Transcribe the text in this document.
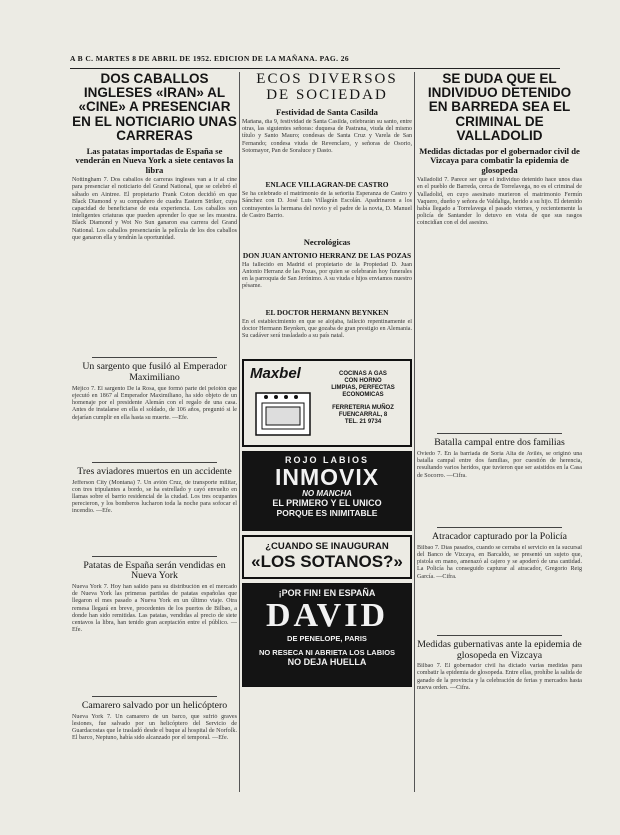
A B C. MARTES 8 DE ABRIL DE 1952. EDICION DE LA MAÑANA. PAG. 26
DOS CABALLOS INGLESES «IRAN» AL «CINE» A PRESENCIAR EN EL NOTICIARIO UNAS CARRERAS
Las patatas importadas de España se venderán en Nueva York a siete centavos la libra

Nottingham 7. Dos caballos de carreras ingleses van a ir al cine para presenciar el noticiario del Grand National, que se celebró el sábado en Aintree. El propietario Frank Coton decidió en que Black Diamond y su compañero de cuadra Eastern Striker, cuya capacidad de beneficiarse de esta experiencia. Los caballos son inteligentes criaturas que pueden aprender lo que se les muestra. Black Diamond y Wot No Sun ganaron esa carrera del Grand National. Los caballos presenciarán la película de los dos caballos que ganaron ella y tendrán la oportunidad.

Un sargento que fusiló al Emperador Maximiliano

Méjico 7. El sargento De la Rosa, que formó parte del pelotón que ejecutó en 1867 al Emperador Maximiliano, ha sido objeto de un homenaje por el presidente Alemán con el regalo de una casa. Antes de instalarse en ella el soldado, de 106 años, preguntó si le dejarían cumplir en ella hasta su muerte. —Efe.

Tres aviadores muertos en un accidente

Jefferson City (Montana) 7. Un avión Cruz, de transporte militar, con tres tripulantes a bordo, se ha estrellado y cayó envuelto en llamas sobre el barrio residencial de la ciudad. Los tres ocupantes perecieron, y los bomberos lucharon toda la noche para sofocar el incendio. —Efe.

Patatas de España serán vendidas en Nueva York

Nueva York 7. Hoy han salido para su distribución en el mercado de Nueva York las primeras partidas de patatas españolas que llegaron el mes pasado a Nueva York en un último viaje. Otra remesa llegará en breve, procedentes de los puertos de Bilbao, a donde han sido remitidas. Las patatas, vendidas al precio de siete centavos la libra, han tenido gran aceptación entre el público. —Efe.

Camarero salvado por un helicóptero

Nueva York 7. Un camarero de un barco, que sufrió graves lesiones, fue salvado por un helicóptero del Servicio de Guardacostas que le trasladó desde el buque al hospital de Norfolk. El barco, Neptuno, había sido alcanzado por el temporal. —Efe.

ECOS DIVERSOS DE SOCIEDAD
Festividad de Santa Casilda

Mañana, día 9, festividad de Santa Casilda, celebrarán su santo, entre otras, las siguientes señoras: duquesa de Pastrana, viuda del mismo título y Santo Mauro; condesas de Santa Cruz y Varela de San Fernando; condesa viuda de Revenclaro, y señoras de Osorio, Sotomayor, Pan de Soraluce y Dasto.

ENLACE VILLAGRAN-DE CASTRO

Se ha celebrado el matrimonio de la señorita Esperanza de Castro y Sánchez con D. José Luis Villagrán Escolán. Apadrinaron a los contrayentes la hermana del novio y el padre de la novia, D. Manuel de Castro Barrio.

Necrológicas
DON JUAN ANTONIO HERRANZ DE LAS POZAS

Ha fallecido en Madrid el propietario de la Propiedad D. Juan Antonio Herranz de las Pozas, por quien se celebrarán hoy funerales en la parroquia de San Jerónimo. A su viuda e hijos enviamos nuestro pésame.

EL DOCTOR HERMANN BEYNKEN

En el establecimiento en que se alojaba, falleció repentinamente el doctor Hermann Beynken, que gozaba de gran prestigio en Alemania. Su cadáver será trasladado a su país natal.

Maxbel	COCINAS A GAS
CON HORNO
LIMPIAS, PERFECTAS
ECONOMICAS
FERRETERIA MUÑOZ
FUENCARRAL, 8
TEL. 21 9734
ROJO LABIOS
INMOVIX
NO MANCHA
EL PRIMERO Y EL UNICO
PORQUE ES INIMITABLE
¿CUANDO SE INAUGURAN
«LOS SOTANOS?»
¡POR FIN! EN ESPAÑA
DAVID
DE PENELOPE, PARIS
NO RESECA NI ABRIETA LOS LABIOS
NO DEJA HUELLA
SE DUDA QUE EL INDIVIDUO DETENIDO EN BARREDA SEA EL CRIMINAL DE VALLADOLID
Medidas dictadas por el gobernador civil de Vizcaya para combatir la epidemia de glosopeda

Valladolid 7. Parece ser que el individuo detenido hace unos días en el pueblo de Barreda, cerca de Torrelavega, no es el criminal de Valladolid, en cuyo asesinato murieron el matrimonio Fermín Vaquero, dueño y señora de Valdaliga, herido a su hijo. El detenido había llegado a Torrelavega el pasado viernes, y recientemente la policía de Santander lo detuvo en vista de que sus rasgos coincidían con el del asesino.

Batalla campal entre dos familias

Oviedo 7. En la barriada de Soria Alta de Avilés, se originó una batalla campal entre dos familias, por cuestión de herencia, resultando varios heridos, que tuvieron que ser asistidos en la Casa de Socorro. —Cifra.

Atracador capturado por la Policía

Bilbao 7. Días pasados, cuando se cerraba el servicio en la sucursal del Banco de Vizcaya, en Barcaldo, se presentó un sujeto que, pistola en mano, amenazó al cajero y se apoderó de una cantidad. La Policía ha conseguido capturar al atracador, Gregorio Reig García. —Cifra.

Medidas gubernativas ante la epidemia de glosopeda en Vizcaya

Bilbao 7. El gobernador civil ha dictado varias medidas para combatir la epidemia de glosopeda. Entre ellas, prohíbe la salida de ganado de la provincia y la celebración de ferias y mercados hasta nueva orden. —Cifra.
